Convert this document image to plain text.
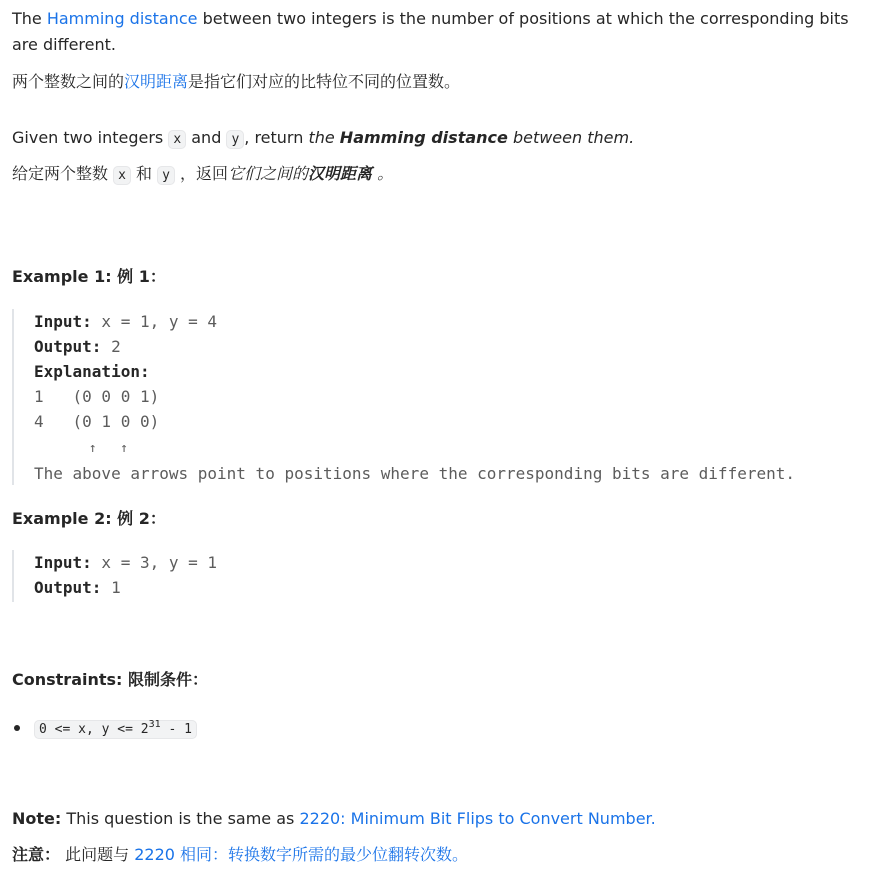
The Hamming distance between two integers is the number of positions at which the corresponding bits are different.

两个整数之间的汉明距离是指它们对应的比特位不同的位置数。

Given two integers x and y , return the Hamming distance between them.

给定两个整数 x 和 y ，返回它们之间的汉明距离 。

Example 1: 例 1：

Input: x = 1, y = 4
Output: 2
Explanation:
1   (0 0 0 1)
4   (0 1 0 0)
↑   ↑
The above arrows point to positions where the corresponding bits are different.

Example 2: 例 2：

Input: x = 3, y = 1
Output: 1

Constraints: 限制条件：

0 <= x, $y <= 2^{31} - 1$

Note: This question is the same as 2220: Minimum Bit Flips to Convert Number.

注意： 此问题与 2220 相同：转换数字所需的最少位翻转次数。
